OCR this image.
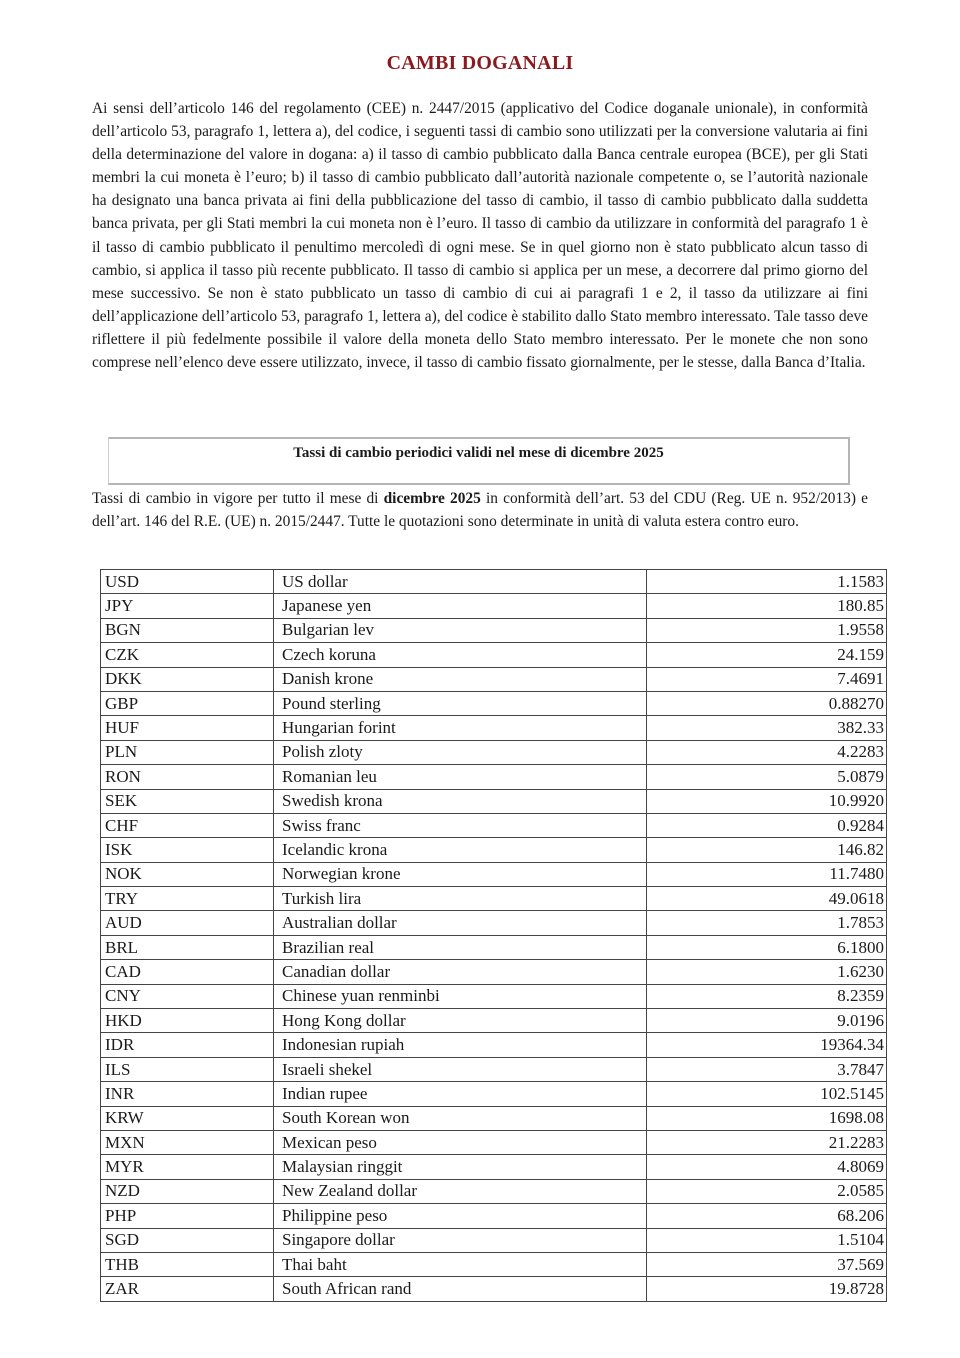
CAMBI DOGANALI

Ai sensi dell’articolo 146 del regolamento (CEE) n. 2447/2015 (applicativo del Codice doganale unionale), in conformità dell’articolo 53, paragrafo 1, lettera a), del codice, i seguenti tassi di cambio sono utilizzati per la conversione valutaria ai fini della determinazione del valore in dogana: a) il tasso di cambio pubblicato dalla Banca centrale europea (BCE), per gli Stati membri la cui moneta è l’euro; b) il tasso di cambio pubblicato dall’autorità nazionale competente o, se l’autorità nazionale ha designato una banca privata ai fini della pubblicazione del tasso di cambio, il tasso di cambio pubblicato dalla suddetta banca privata, per gli Stati membri la cui moneta non è l’euro. Il tasso di cambio da utilizzare in conformità del paragrafo 1 è il tasso di cambio pubblicato il penultimo mercoledì di ogni mese. Se in quel giorno non è stato pubblicato alcun tasso di cambio, si applica il tasso più recente pubblicato. Il tasso di cambio si applica per un mese, a decorrere dal primo giorno del mese successivo. Se non è stato pubblicato un tasso di cambio di cui ai paragrafi 1 e 2, il tasso da utilizzare ai fini dell’applicazione dell’articolo 53, paragrafo 1, lettera a), del codice è stabilito dallo Stato membro interessato. Tale tasso deve riflettere il più fedelmente possibile il valore della moneta dello Stato membro interessato. Per le monete che non sono comprese nell’elenco deve essere utilizzato, invece, il tasso di cambio fissato giornalmente, per le stesse, dalla Banca d’Italia.

Tassi di cambio periodici validi nel mese di dicembre 2025

Tassi di cambio in vigore per tutto il mese di dicembre 2025 in conformità dell’art. 53 del CDU (Reg. UE n. 952/2013) e dell’art. 146 del R.E. (UE) n. 2015/2447. Tutte le quotazioni sono determinate in unità di valuta estera contro euro.

USD	US dollar	1.1583
JPY	Japanese yen	180.85
BGN	Bulgarian lev	1.9558
CZK	Czech koruna	24.159
DKK	Danish krone	7.4691
GBP	Pound sterling	0.88270
HUF	Hungarian forint	382.33
PLN	Polish zloty	4.2283
RON	Romanian leu	5.0879
SEK	Swedish krona	10.9920
CHF	Swiss franc	0.9284
ISK	Icelandic krona	146.82
NOK	Norwegian krone	11.7480
TRY	Turkish lira	49.0618
AUD	Australian dollar	1.7853
BRL	Brazilian real	6.1800
CAD	Canadian dollar	1.6230
CNY	Chinese yuan renminbi	8.2359
HKD	Hong Kong dollar	9.0196
IDR	Indonesian rupiah	19364.34
ILS	Israeli shekel	3.7847
INR	Indian rupee	102.5145
KRW	South Korean won	1698.08
MXN	Mexican peso	21.2283
MYR	Malaysian ringgit	4.8069
NZD	New Zealand dollar	2.0585
PHP	Philippine peso	68.206
SGD	Singapore dollar	1.5104
THB	Thai baht	37.569
ZAR	South African rand	19.8728
